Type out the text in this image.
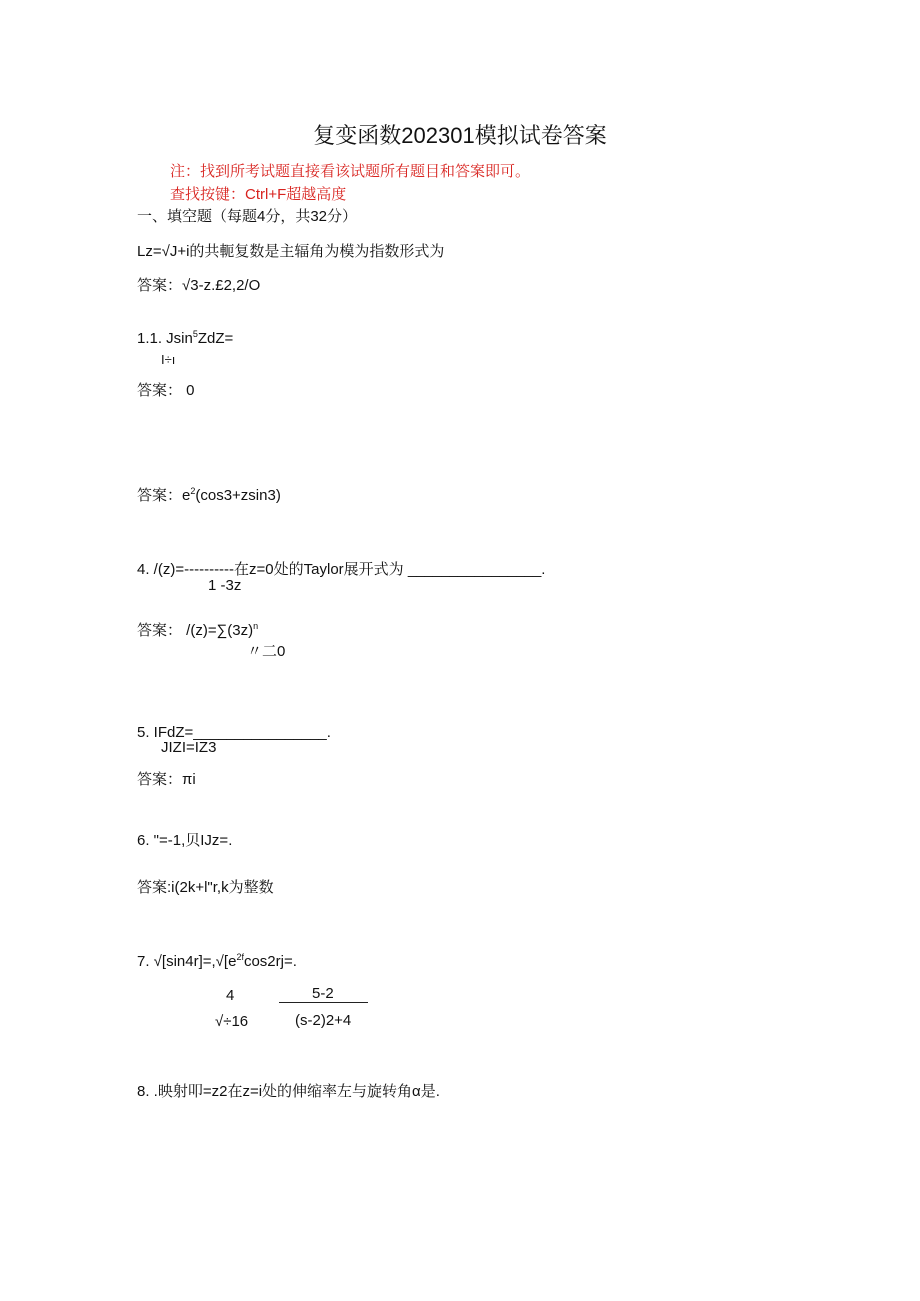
复变函数202301模拟试卷答案
注：找到所考试题直接看该试题所有题目和答案即可。
查找按键：Ctrl+F超越高度
一、填空题（每题4分，共32分）
Lz=√J+i的共軛复数是主辐角为模为指数形式为
答案：√3-z.£2,2/O
1.1. Jsin$^5$ZdZ=
I÷ı
答案： 0
答案：$e^2(\cos 3+zsin3)$
4. /(z)=----------在z=0处的Taylor展开式为 ________________.
1 -3z
答案： $/(z)=\sum(3z)^n$
〃二0
5. IFdZ=________________.
JIZI=IZ3
答案：πi
6. "=-1,贝IJz=.
答案:i(2k+l"r,k为整数
7. $√[\sin 4r]=,√[e^{2f}\cos 2rj=$.
4
√÷16
5-2
(s-2)2+4
8. .映射叩=z2在z=i处的伸缩率左与旋转角α是.
